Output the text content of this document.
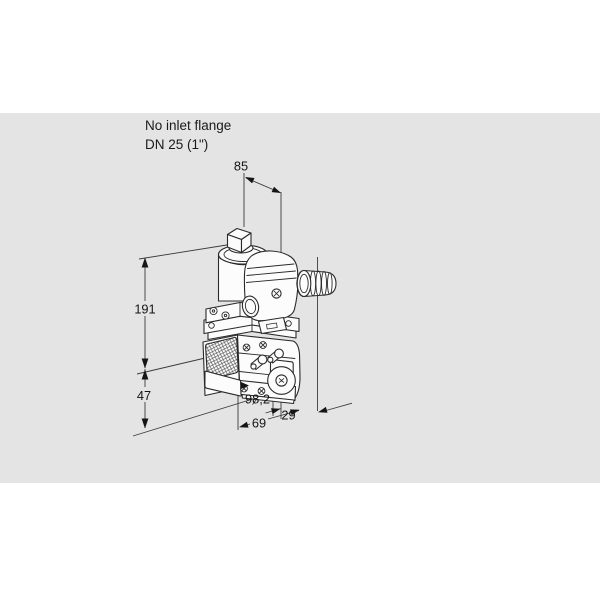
No inlet flange
DN 25 (1")
85
191
47	98,2
69
29
